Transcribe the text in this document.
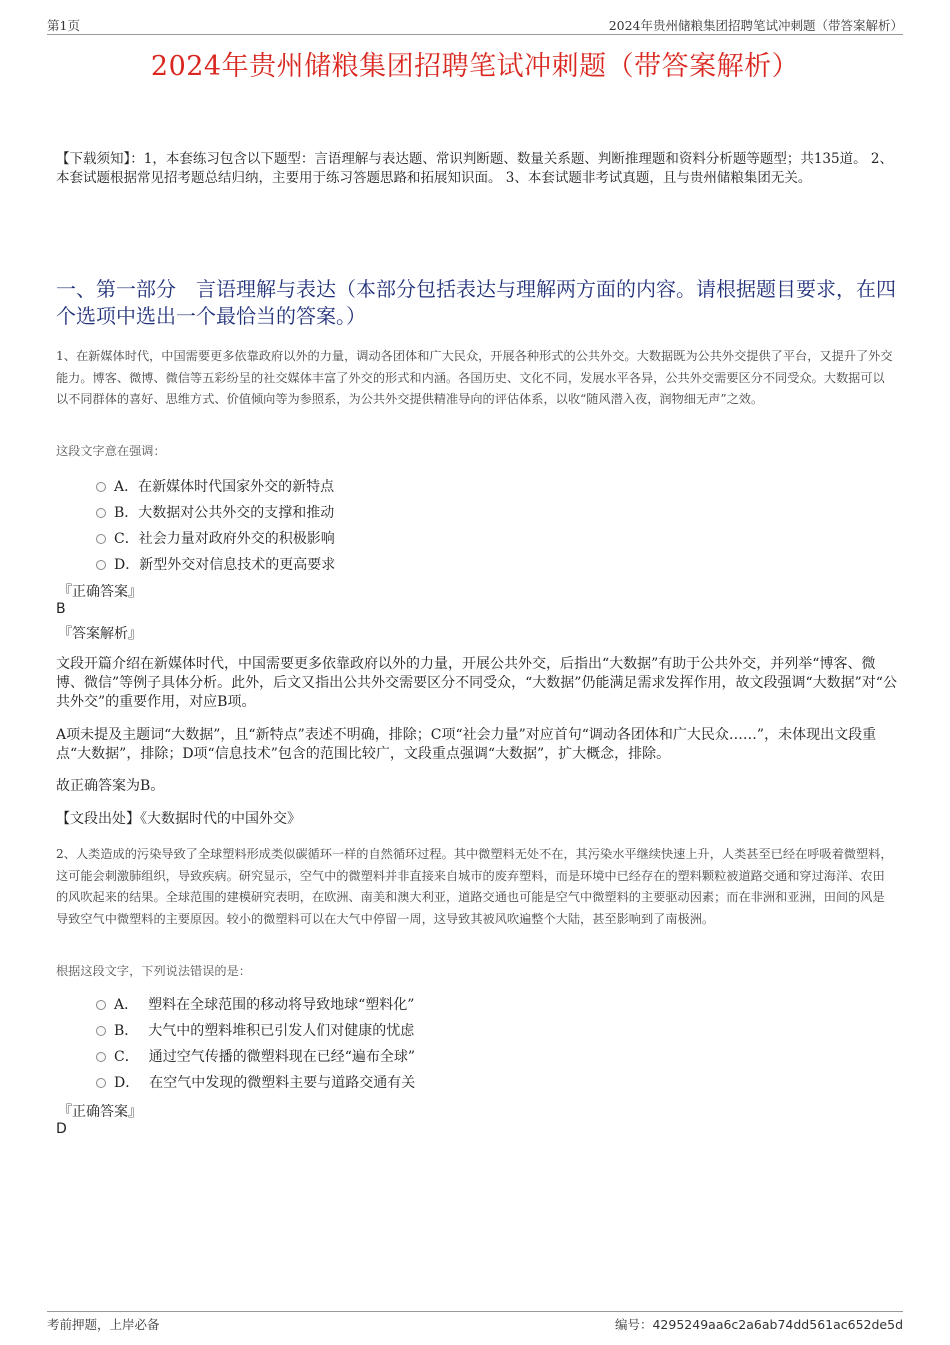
第1页	2024年贵州储粮集团招聘笔试冲刺题（带答案解析）
2024年贵州储粮集团招聘笔试冲刺题（带答案解析）
【下载须知】：1，本套练习包含以下题型：言语理解与表达题、常识判断题、数量关系题、判断推理题和资料分析题等题型；共135道。 2、本套试题根据常见招考题总结归纳，主要用于练习答题思路和拓展知识面。 3、本套试题非考试真题，且与贵州储粮集团无关。
一、第一部分　言语理解与表达（本部分包括表达与理解两方面的内容。请根据题目要求，在四个选项中选出一个最恰当的答案。）
1、在新媒体时代，中国需要更多依靠政府以外的力量，调动各团体和广大民众，开展各种形式的公共外交。大数据既为公共外交提供了平台，又提升了外交能力。博客、微博、微信等五彩纷呈的社交媒体丰富了外交的形式和内涵。各国历史、文化不同，发展水平各异，公共外交需要区分不同受众。大数据可以以不同群体的喜好、思维方式、价值倾向等为参照系，为公共外交提供精准导向的评估体系，以收“随风潜入夜，润物细无声”之效。
这段文字意在强调：
A． 在新媒体时代国家外交的新特点
B． 大数据对公共外交的支撑和推动
C． 社会力量对政府外交的积极影响
D． 新型外交对信息技术的更高要求
『正确答案』
B
『答案解析』
文段开篇介绍在新媒体时代，中国需要更多依靠政府以外的力量，开展公共外交，后指出“大数据”有助于公共外交，并列举“博客、微博、微信”等例子具体分析。此外，后文又指出公共外交需要区分不同受众，“大数据”仍能满足需求发挥作用，故文段强调“大数据”对“公共外交”的重要作用，对应B项。
A项未提及主题词“大数据”，且“新特点”表述不明确，排除；C项“社会力量”对应首句“调动各团体和广大民众……”，未体现出文段重点“大数据”，排除；D项“信息技术”包含的范围比较广，文段重点强调“大数据”，扩大概念，排除。
故正确答案为B。
【文段出处】《大数据时代的中国外交》
2、人类造成的污染导致了全球塑料形成类似碳循环一样的自然循环过程。其中微塑料无处不在，其污染水平继续快速上升，人类甚至已经在呼吸着微塑料，这可能会刺激肺组织，导致疾病。研究显示，空气中的微塑料并非直接来自城市的废弃塑料，而是环境中已经存在的塑料颗粒被道路交通和穿过海洋、农田的风吹起来的结果。全球范围的建模研究表明，在欧洲、南美和澳大利亚，道路交通也可能是空气中微塑料的主要驱动因素；而在非洲和亚洲，田间的风是导致空气中微塑料的主要原因。较小的微塑料可以在大气中停留一周，这导致其被风吹遍整个大陆，甚至影响到了南极洲。
根据这段文字，下列说法错误的是：
A． 塑料在全球范围的移动将导致地球“塑料化”
B． 大气中的塑料堆积已引发人们对健康的忧虑
C． 通过空气传播的微塑料现在已经“遍布全球”
D． 在空气中发现的微塑料主要与道路交通有关
『正确答案』
D
考前押题，上岸必备	编号：4295249aa6c2a6ab74dd561ac652de5d
